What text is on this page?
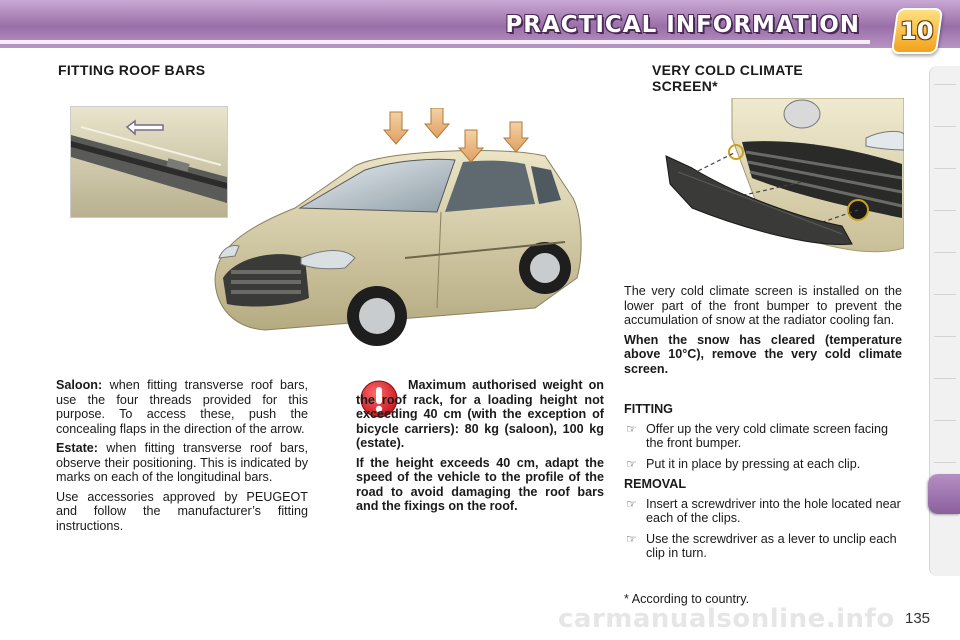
PRACTICAL INFORMATION	10
FITTING ROOF BARS

Saloon: when fitting transverse roof bars, use the four threads provided for this purpose. To access these, push the concealing flaps in the direction of the arrow.

Estate: when fitting transverse roof bars, observe their positioning. This is indicated by marks on each of the longitudinal bars.

Use accessories approved by PEUGEOT and follow the manufacturer’s fitting instructions.

Maximum authorised weight on the roof rack, for a loading height not exceeding 40 cm (with the exception of bicycle carriers): 80 kg (saloon), 100 kg (estate).

If the height exceeds 40 cm, adapt the speed of the vehicle to the profile of the road to avoid damaging the roof bars and the fixings on the roof.

VERY COLD CLIMATE SCREEN*

The very cold climate screen is installed on the lower part of the front bumper to prevent the accumulation of snow at the radiator cooling fan.

When the snow has cleared (temperature above 10°C), remove the very cold climate screen.

FITTING
☞ Offer up the very cold climate screen facing the front bumper.
☞ Put it in place by pressing at each clip.
REMOVAL
☞ Insert a screwdriver into the hole located near each of the clips.
☞ Use the screwdriver as a lever to unclip each clip in turn.
* According to country.
carmanualsonline.info 135
